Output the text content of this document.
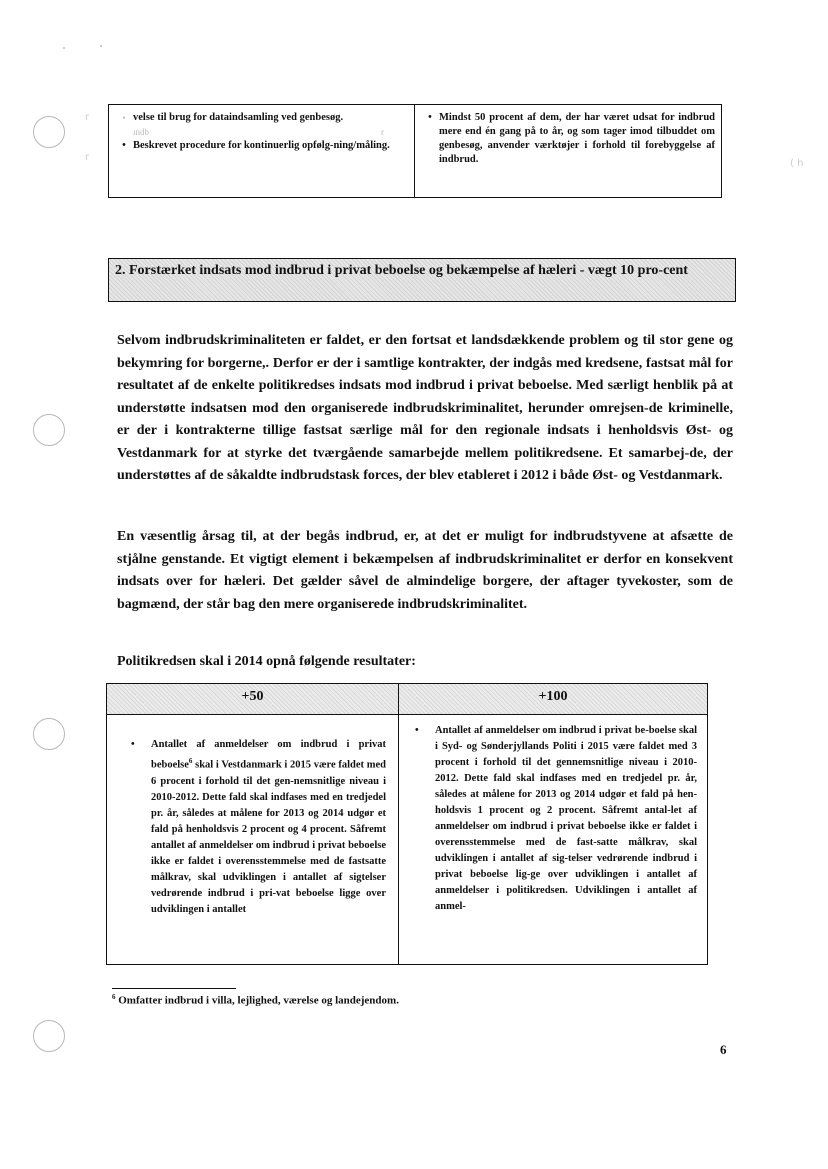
r
r
( h
• velse til brug for dataindsamling ved genbesøg.
ındb	r
• Beskrevet procedure for kontinuerlig opfølg-ning/måling.
• Mindst 50 procent af dem, der har været udsat for indbrud mere end én gang på to år, og som tager imod tilbuddet om genbesøg, anvender værktøjer i forhold til forebyggelse af indbrud.
2. Forstærket indsats mod indbrud i privat beboelse og bekæmpelse af hæleri - vægt 10 pro-cent
Selvom indbrudskriminaliteten er faldet, er den fortsat et landsdækkende problem og til stor gene og bekymring for borgerne,. Derfor er der i samtlige kontrakter, der indgås med kredsene, fastsat mål for resultatet af de enkelte politikredses indsats mod indbrud i privat beboelse. Med særligt henblik på at understøtte indsatsen mod den organiserede indbrudskriminalitet, herunder omrejsen-de kriminelle, er der i kontrakterne tillige fastsat særlige mål for den regionale indsats i henholdsvis Øst- og Vestdanmark for at styrke det tværgående samarbejde mellem politikredsene. Et samarbej-de, der understøttes af de såkaldte indbrudstask forces, der blev etableret i 2012 i både Øst- og Vestdanmark.
En væsentlig årsag til, at der begås indbrud, er, at det er muligt for indbrudstyvene at afsætte de stjålne genstande. Et vigtigt element i bekæmpelsen af indbrudskriminalitet er derfor en konsekvent indsats over for hæleri. Det gælder såvel de almindelige borgere, der aftager tyvekoster, som de bagmænd, der står bag den mere organiserede indbrudskriminalitet.
Politikredsen skal i 2014 opnå følgende resultater:
+50
•	Antallet af anmeldelser om indbrud i privat beboelse$^6$ skal i Vestdanmark i 2015 være faldet med 6 procent i forhold til det gen-nemsnitlige niveau i 2010-2012. Dette fald skal indfases med en tredjedel pr. år, således at målene for 2013 og 2014 udgør et fald på henholdsvis 2 procent og 4 procent. Såfremt antallet af anmeldelser om indbrud i privat beboelse ikke er faldet i overensstemmelse med de fastsatte målkrav, skal udviklingen i antallet af sigtelser vedrørende indbrud i pri-vat beboelse ligge over udviklingen i antallet
+100
•	Antallet af anmeldelser om indbrud i privat be-boelse skal i Syd- og Sønderjyllands Politi i 2015 være faldet med 3 procent i forhold til det gennemsnitlige niveau i 2010-2012. Dette fald skal indfases med en tredjedel pr. år, således at målene for 2013 og 2014 udgør et fald på hen-holdsvis 1 procent og 2 procent. Såfremt antal-let af anmeldelser om indbrud i privat beboelse ikke er faldet i overensstemmelse med de fast-satte målkrav, skal udviklingen i antallet af sig-telser vedrørende indbrud i privat beboelse lig-ge over udviklingen i antallet af anmeldelser i politikredsen. Udviklingen i antallet af anmel-
$^6$ Omfatter indbrud i villa, lejlighed, værelse og landejendom.
6
